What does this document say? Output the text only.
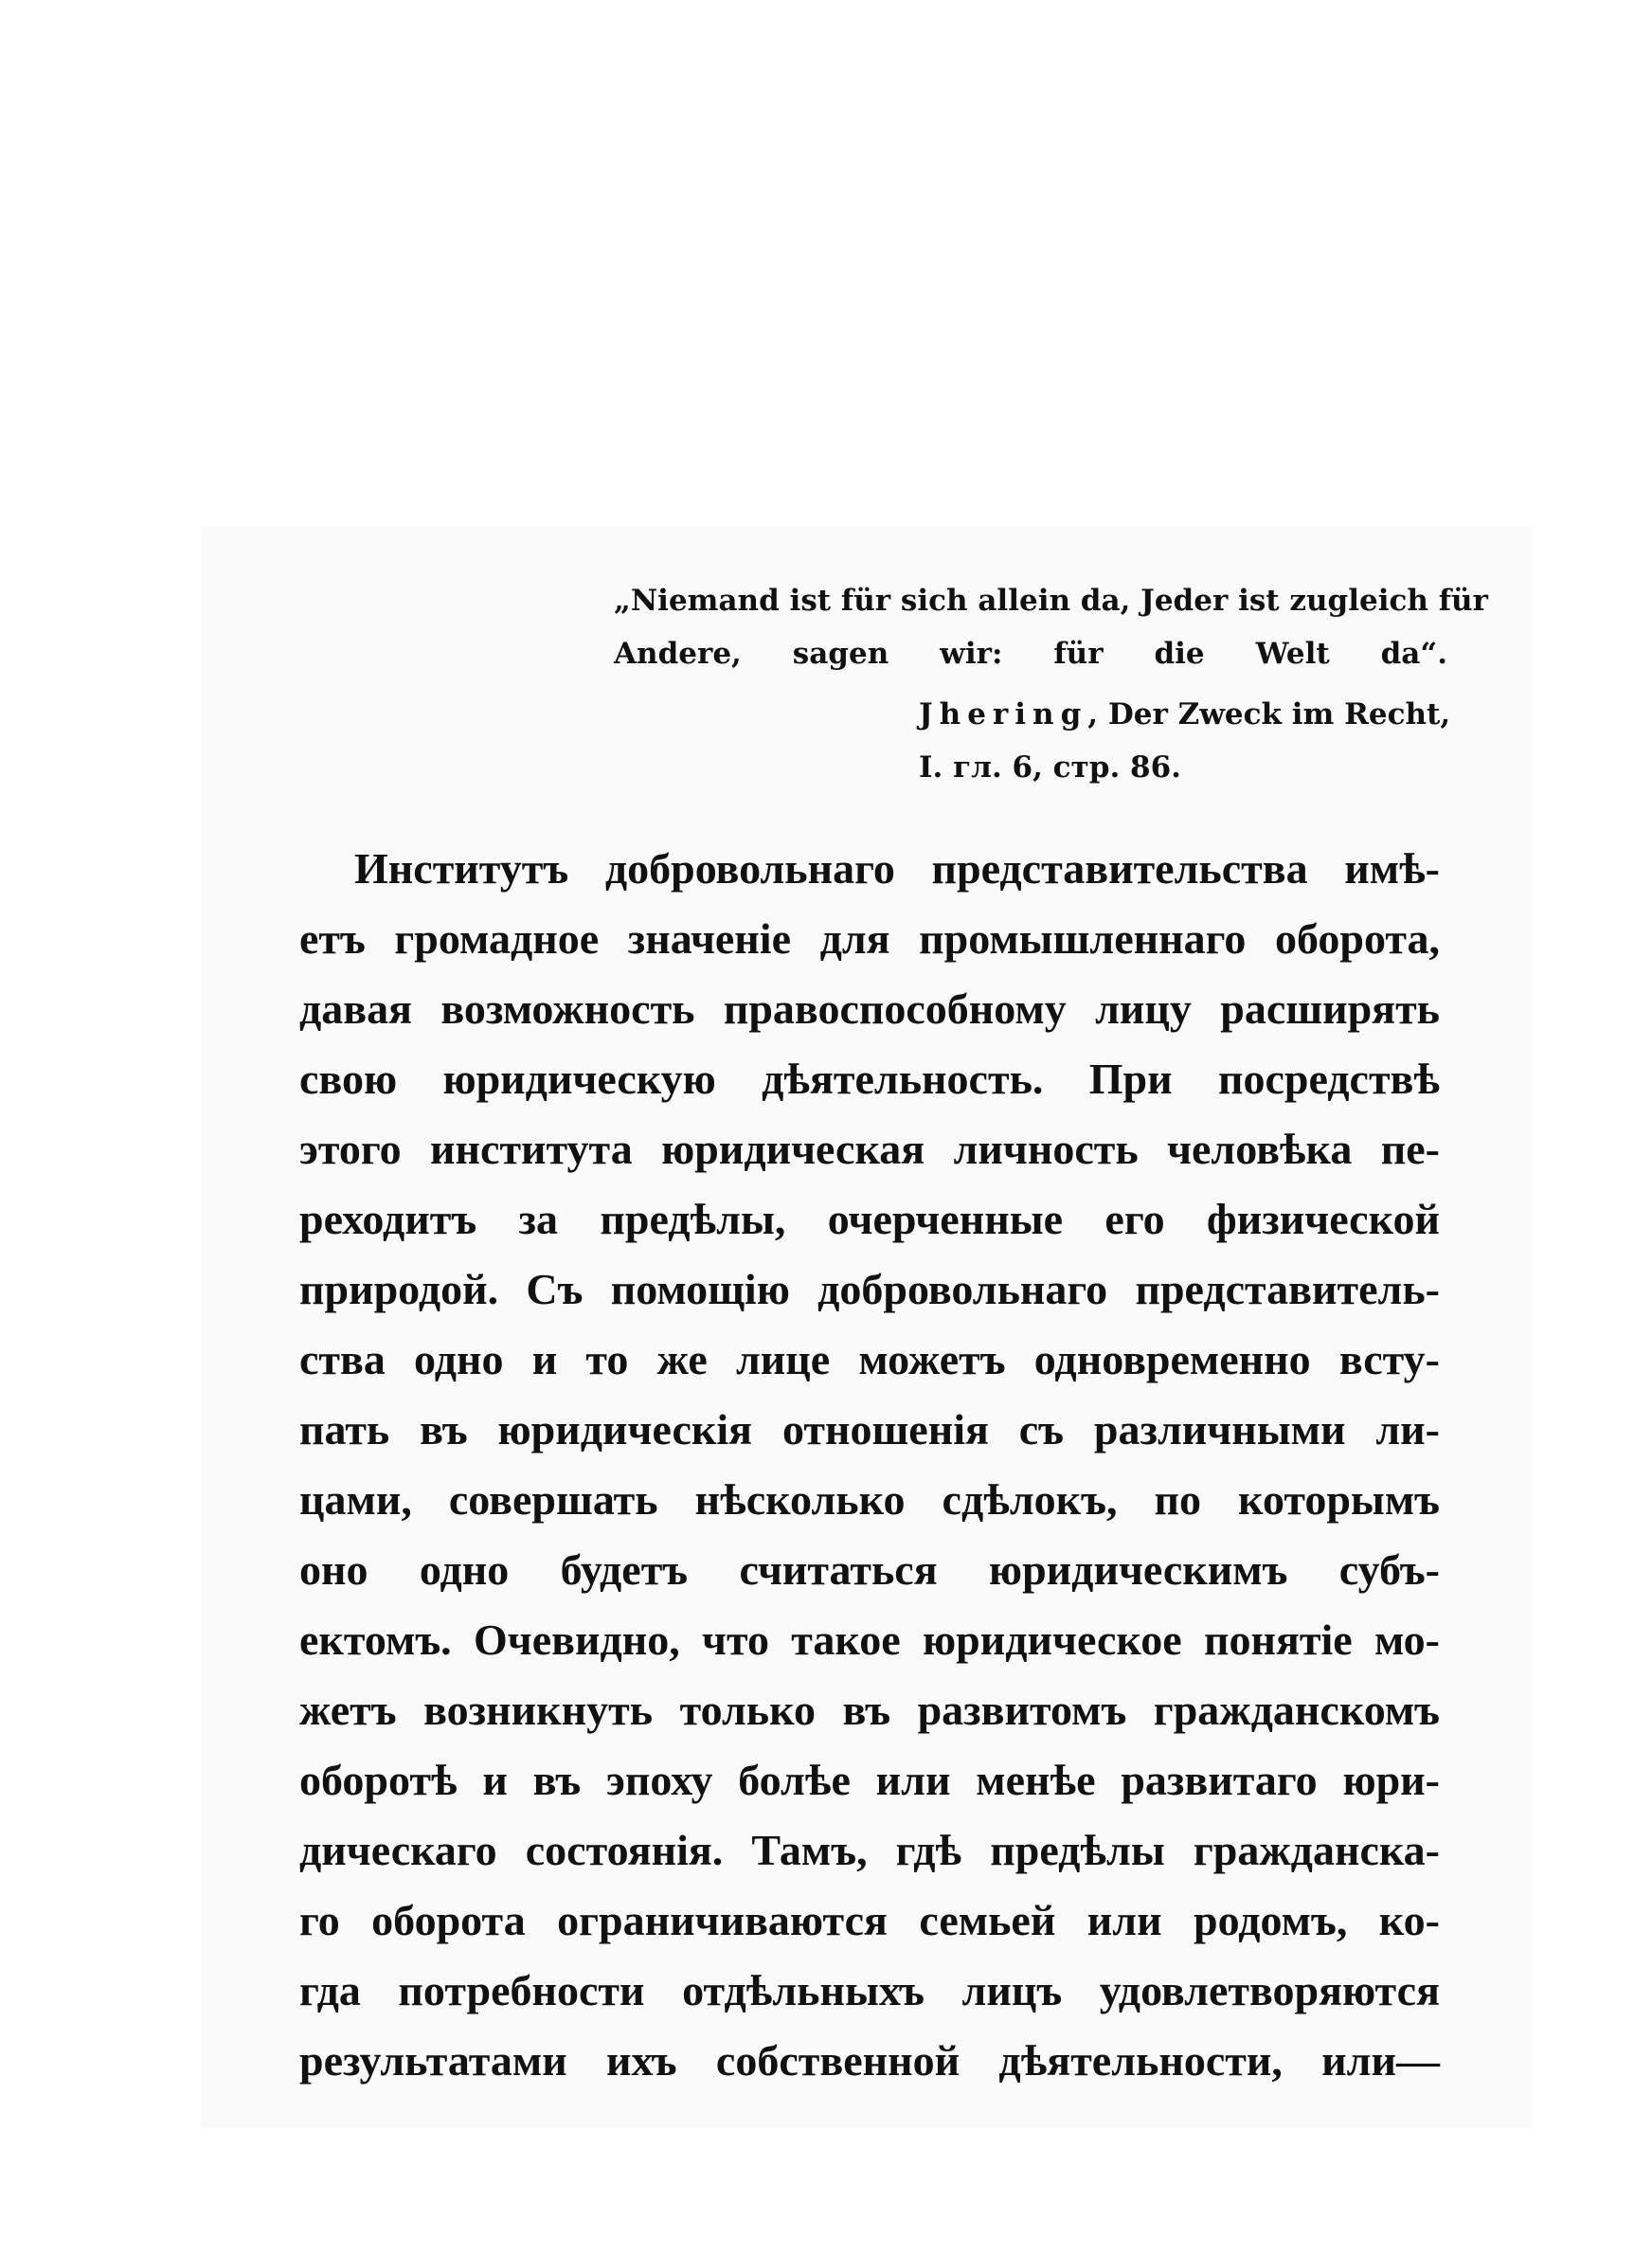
„Niemand ist für sich allein da, Jeder ist zugleich für
Andere, sagen wir: für die Welt da“.
Jhering, Der Zweck im Recht,
I. гл. 6, стр. 86.
Институтъ добровольнаго представительства имѣ-
етъ громадное значеніе для промышленнаго оборота,
давая возможность правоспособному лицу расширять
свою юридическую дѣятельность. При посредствѣ
этого института юридическая личность человѣка пе-
реходитъ за предѣлы, очерченные его физической
природой. Съ помощію добровольнаго представитель-
ства одно и то же лице можетъ одновременно всту-
пать въ юридическія отношенія съ различными ли-
цами, совершать нѣсколько сдѣлокъ, по которымъ
оно одно будетъ считаться юридическимъ субъ-
ектомъ. Очевидно, что такое юридическое понятіе мо-
жетъ возникнуть только въ развитомъ гражданскомъ
оборотѣ и въ эпоху болѣе или менѣе развитаго юри-
дическаго состоянія. Тамъ, гдѣ предѣлы гражданска-
го оборота ограничиваются семьей или родомъ, ко-
гда потребности отдѣльныхъ лицъ удовлетворяются
результатами ихъ собственной дѣятельности, или—
